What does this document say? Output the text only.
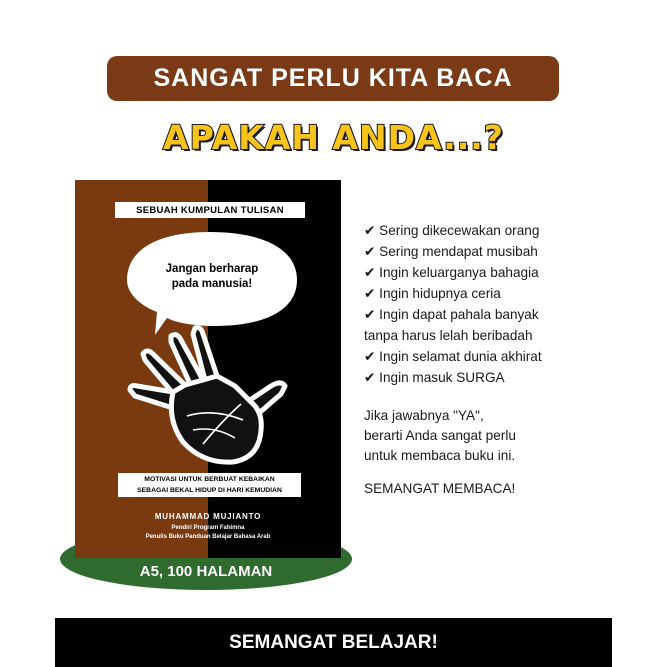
SANGAT PERLU KITA BACA
APAKAH ANDA...?
A5, 100 HALAMAN
SEBUAH KUMPULAN TULISAN
Jangan berharap
pada manusia!
MOTIVASI UNTUK BERBUAT KEBAIKAN
SEBAGAI BEKAL HIDUP DI HARI KEMUDIAN
MUHAMMAD MUJIANTO
Pendiri Program Fahimna
Penulis Buku Panduan Belajar Bahasa Arab
✔ Sering dikecewakan orang
✔ Sering mendapat musibah
✔ Ingin keluarganya bahagia
✔ Ingin hidupnya ceria
✔ Ingin dapat pahala banyak
tanpa harus lelah beribadah
✔ Ingin selamat dunia akhirat
✔ Ingin masuk SURGA
Jika jawabnya "YA",
berarti Anda sangat perlu
untuk membaca buku ini.
SEMANGAT MEMBACA!
SEMANGAT BELAJAR!
